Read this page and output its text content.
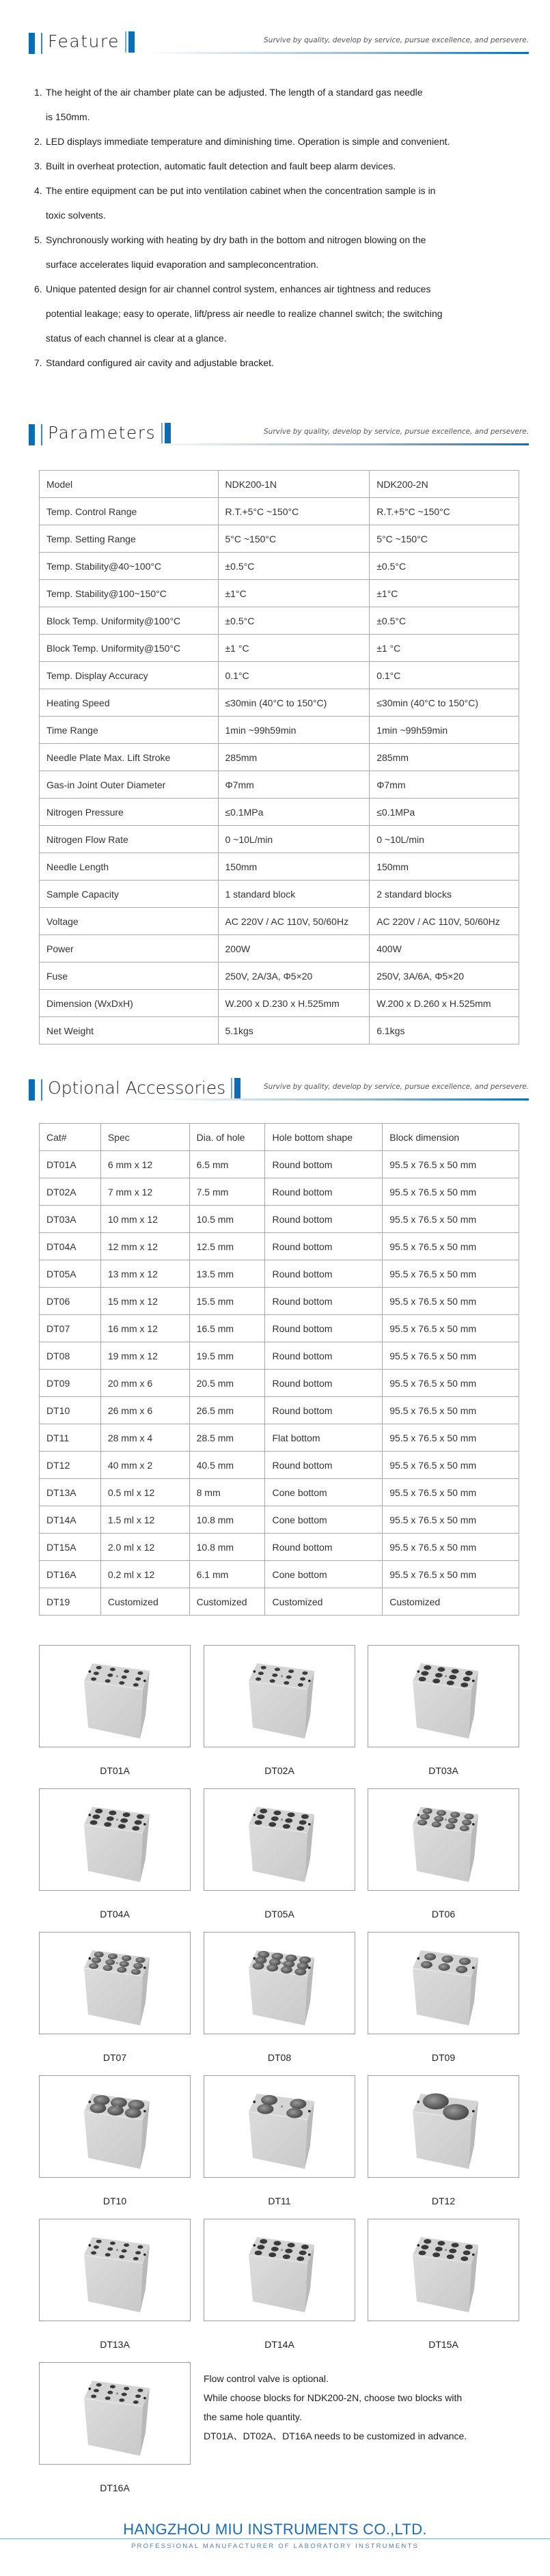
Feature	Survive by quality, develop by service, pursue excellence, and persevere.
1. The height of the air chamber plate can be adjusted. The length of a standard gas needle
is 150mm.
2. LED displays immediate temperature and diminishing time. Operation is simple and convenient.
3. Built in overheat protection, automatic fault detection and fault beep alarm devices.
4. The entire equipment can be put into ventilation cabinet when the concentration sample is in
toxic solvents.
5. Synchronously working with heating by dry bath in the bottom and nitrogen blowing on the
surface accelerates liquid evaporation and sampleconcentration.
6. Unique patented design for air channel control system, enhances air tightness and reduces
potential leakage; easy to operate, lift/press air needle to realize channel switch; the switching
status of each channel is clear at a glance.
7. Standard configured air cavity and adjustable bracket.
Parameters	Survive by quality, develop by service, pursue excellence, and persevere.
Model	NDK200-1N	NDK200-2N
Temp. Control Range	R.T.+5°C ~150°C	R.T.+5°C ~150°C
Temp. Setting Range	5°C ~150°C	5°C ~150°C
Temp. Stability@40~100°C	±0.5°C	±0.5°C
Temp. Stability@100~150°C	±1°C	±1°C
Block Temp. Uniformity@100°C	±0.5°C	±0.5°C
Block Temp. Uniformity@150°C	±1 °C	±1 °C
Temp. Display Accuracy	0.1°C	0.1°C
Heating Speed	≤30min (40°C to 150°C)	≤30min (40°C to 150°C)
Time Range	1min ~99h59min	1min ~99h59min
Needle Plate Max. Lift Stroke	285mm	285mm
Gas-in Joint Outer Diameter	Φ7mm	Φ7mm
Nitrogen Pressure	≤0.1MPa	≤0.1MPa
Nitrogen Flow Rate	0 ~10L/min	0 ~10L/min
Needle Length	150mm	150mm
Sample Capacity	1 standard block	2 standard blocks
Voltage	AC 220V / AC 110V, 50/60Hz	AC 220V / AC 110V, 50/60Hz
Power	200W	400W
Fuse	250V, 2A/3A, Φ5×20	250V, 3A/6A, Φ5×20
Dimension (WxDxH)	W.200 x D.230 x H.525mm	W.200 x D.260 x H.525mm
Net Weight	5.1kgs	6.1kgs
Optional Accessories	Survive by quality, develop by service, pursue excellence, and persevere.
Cat#	Spec	Dia. of hole	Hole bottom shape	Block dimension
DT01A	6 mm x 12	6.5 mm	Round bottom	95.5 x 76.5 x 50 mm
DT02A	7 mm x 12	7.5 mm	Round bottom	95.5 x 76.5 x 50 mm
DT03A	10 mm x 12	10.5 mm	Round bottom	95.5 x 76.5 x 50 mm
DT04A	12 mm x 12	12.5 mm	Round bottom	95.5 x 76.5 x 50 mm
DT05A	13 mm x 12	13.5 mm	Round bottom	95.5 x 76.5 x 50 mm
DT06	15 mm x 12	15.5 mm	Round bottom	95.5 x 76.5 x 50 mm
DT07	16 mm x 12	16.5 mm	Round bottom	95.5 x 76.5 x 50 mm
DT08	19 mm x 12	19.5 mm	Round bottom	95.5 x 76.5 x 50 mm
DT09	20 mm x 6	20.5 mm	Round bottom	95.5 x 76.5 x 50 mm
DT10	26 mm x 6	26.5 mm	Round bottom	95.5 x 76.5 x 50 mm
DT11	28 mm x 4	28.5 mm	Flat bottom	95.5 x 76.5 x 50 mm
DT12	40 mm x 2	40.5 mm	Round bottom	95.5 x 76.5 x 50 mm
DT13A	0.5 ml x 12	8 mm	Cone bottom	95.5 x 76.5 x 50 mm
DT14A	1.5 ml x 12	10.8 mm	Cone bottom	95.5 x 76.5 x 50 mm
DT15A	2.0 ml x 12	10.8 mm	Round bottom	95.5 x 76.5 x 50 mm
DT16A	0.2 ml x 12	6.1 mm	Cone bottom	95.5 x 76.5 x 50 mm
DT19	Customized	Customized	Customized	Customized
DT01A	DT02A	DT03A
DT04A	DT05A	DT06
DT07	DT08	DT09
DT10	DT11	DT12
DT13A	DT14A	DT15A
DT16A
Flow control valve is optional.
While choose blocks for NDK200-2N, choose two blocks with
the same hole quantity.
DT01A、DT02A、DT16A needs to be customized in advance.
HANGZHOU MIU INSTRUMENTS CO.,LTD.
PROFESSIONAL MANUFACTURER OF LABORATORY INSTRUMENTS
